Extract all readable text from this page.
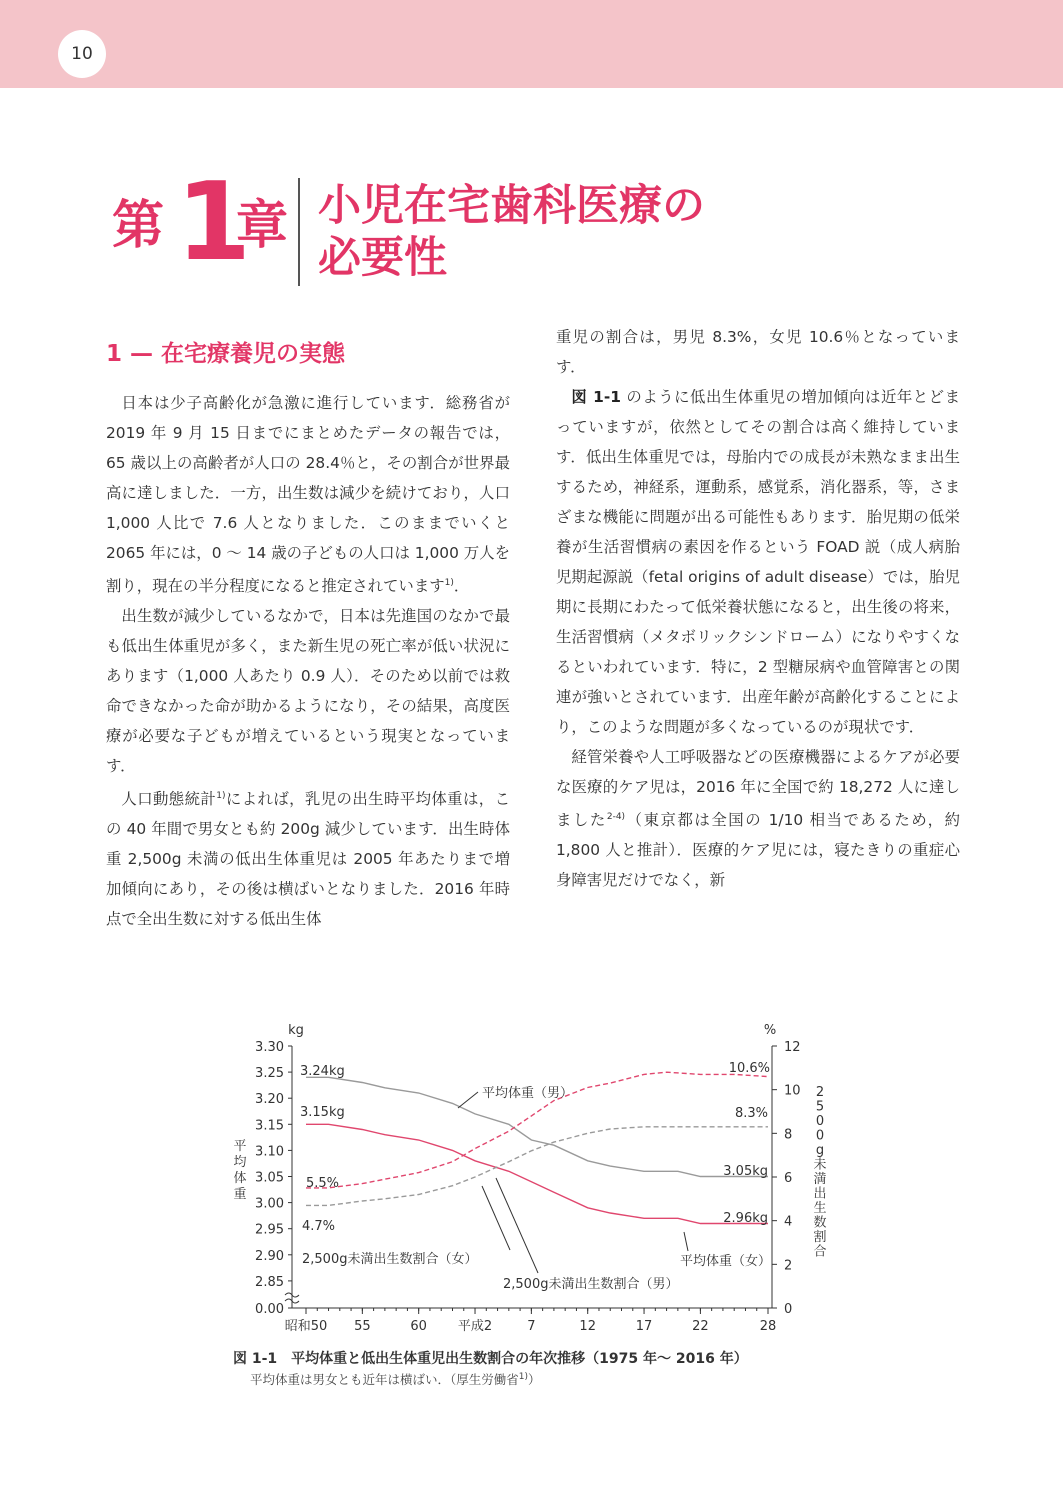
10
第 1
章 小児在宅歯科医療の
必要性
1 — 在宅療養児の実態

日本は少子高齢化が急激に進行しています．総務省が 2019 年 9 月 15 日までにまとめたデータの報告では，65 歳以上の高齢者が人口の 28.4％と，その割合が世界最高に達しました．一方，出生数は減少を続けており，人口 1,000 人比で 7.6 人となりました．このままでいくと 2065 年には，0 ～ 14 歳の子どもの人口は 1,000 万人を割り，現在の半分程度になると推定されています$^{1)}$．

出生数が減少しているなかで，日本は先進国のなかで最も低出生体重児が多く，また新生児の死亡率が低い状況にあります（1,000 人あたり 0.9 人）．そのため以前では救命できなかった命が助かるようになり，その結果，高度医療が必要な子どもが増えているという現実となっています．

人口動態統計$^{1)}$によれば，乳児の出生時平均体重は，この 40 年間で男女とも約 200g 減少しています．出生時体重 2,500g 未満の低出生体重児は 2005 年あたりまで増加傾向にあり，その後は横ばいとなりました．2016 年時点で全出生数に対する低出生体

重児の割合は，男児 8.3%，女児 10.6％となっています．

図 1-1 のように低出生体重児の増加傾向は近年とどまっていますが，依然としてその割合は高く維持しています．低出生体重児では，母胎内での成長が未熟なまま出生するため，神経系，運動系，感覚系，消化器系，等，さまざまな機能に問題が出る可能性もあります．胎児期の低栄養が生活習慣病の素因を作るという FOAD 説（成人病胎児期起源説（fetal origins of adult disease）では，胎児期に長期にわたって低栄養状態になると，出生後の将来，生活習慣病（メタボリックシンドローム）になりやすくなるといわれています．特に，2 型糖尿病や血管障害との関連が強いとされています．出産年齢が高齢化することにより，このような問題が多くなっているのが現状です．

経管栄養や人工呼吸器などの医療機器によるケアが必要な医療的ケア児は，2016 年に全国で約 18,272 人に達しました$^{2-4)}$（東京都は全国の 1/10 相当であるため，約 1,800 人と推計）．医療的ケア児には，寝たきりの重症心身障害児だけでなく，新

3.30
3.25
3.20
3.15
3.10
3.05
3.00
2.95
2.90
2.85
0.00
kg
平
均
体
重
12
10
8
6
4
2
0
%
2
5
0
0
g
未
満
出
生
数
割
合
昭和50 55	60 平成2	7	12	17	22	28
3.24kg
3.15kg
3.05kg
2.96kg
10.6%
8.3%
5.5%
4.7%
平均体重（男）
平均体重（女）
2,500g未満出生数割合（女）
2,500g未満出生数割合（男）
図 1-1　平均体重と低出生体重児出生数割合の年次推移（1975 年～ 2016 年）
平均体重は男女とも近年は横ばい．（厚生労働省$^{1)}$）
